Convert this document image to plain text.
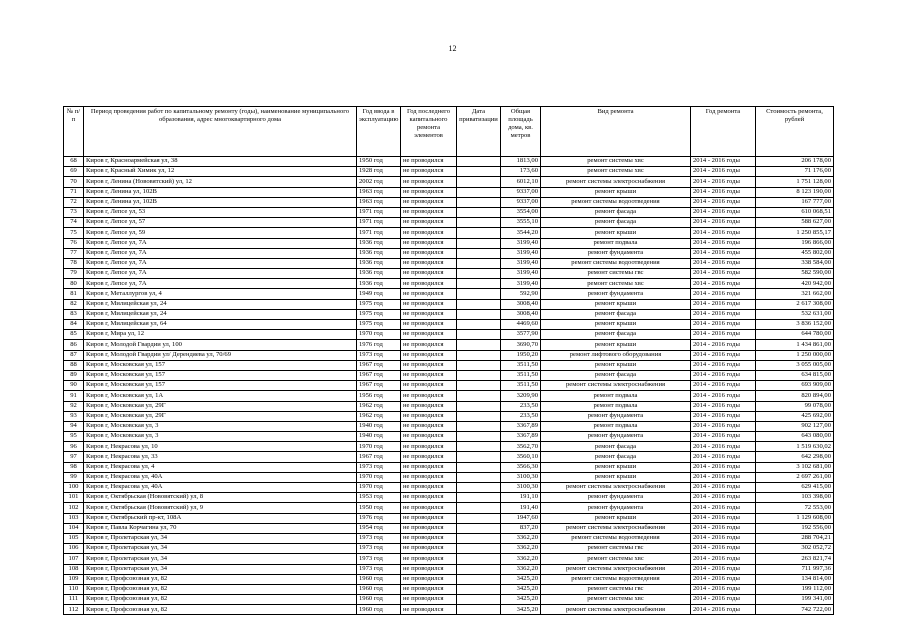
12
№ п/п	Период проведения работ по капитальному ремонту (годы), наименование муниципального образования, адрес многоквартирного дома	Год ввода в эксплуатацию	Год последнего капитального ремонта элементов	Дата приватизации	Общая площадь дома, кв. метров	Вид ремонта	Год ремонта	Стоимость ремонта, рублей
68	Киров г, Красноармейская ул, 38	1950 год	не проводился		1813,00	ремонт системы хвс	2014 - 2016 годы	206 178,00
69	Киров г, Красный Химик ул, 12	1928 год	не проводился		173,60	ремонт системы хвс	2014 - 2016 годы	71 176,00
70	Киров г, Ленина (Нововятский) ул, 12	2002 год	не проводился		6012,10	ремонт системы электроснабжения	2014 - 2016 годы	1 751 128,00
71	Киров г, Ленина ул, 102В	1963 год	не проводился		9337,00	ремонт крыши	2014 - 2016 годы	8 123 190,00
72	Киров г, Ленина ул, 102В	1963 год	не проводился		9337,00	ремонт системы водоотведения	2014 - 2016 годы	167 777,00
73	Киров г, Лепсе ул, 53	1971 год	не проводился		3554,00	ремонт фасада	2014 - 2016 годы	610 068,51
74	Киров г, Лепсе ул, 57	1971 год	не проводился		3555,10	ремонт фасада	2014 - 2016 годы	588 627,00
75	Киров г, Лепсе ул, 59	1971 год	не проводился		3544,20	ремонт крыши	2014 - 2016 годы	1 250 855,17
76	Киров г, Лепсе ул, 7А	1936 год	не проводился		3199,40	ремонт подвала	2014 - 2016 годы	196 866,00
77	Киров г, Лепсе ул, 7А	1936 год	не проводился		3199,40	ремонт фундамента	2014 - 2016 годы	455 802,00
78	Киров г, Лепсе ул, 7А	1936 год	не проводился		3199,40	ремонт системы водоотведения	2014 - 2016 годы	338 584,00
79	Киров г, Лепсе ул, 7А	1936 год	не проводился		3199,40	ремонт системы гвс	2014 - 2016 годы	582 590,00
80	Киров г, Лепсе ул, 7А	1936 год	не проводился		3199,40	ремонт системы хвс	2014 - 2016 годы	420 942,00
81	Киров г, Металлургов ул, 4	1949 год	не проводился		592,90	ремонт фундамента	2014 - 2016 годы	321 662,00
82	Киров г, Милицейская ул, 24	1975 год	не проводился		3008,40	ремонт крыши	2014 - 2016 годы	2 617 308,00
83	Киров г, Милицейская ул, 24	1975 год	не проводился		3008,40	ремонт фасада	2014 - 2016 годы	532 631,00
84	Киров г, Милицейская ул, 64	1975 год	не проводился		4469,60	ремонт крыши	2014 - 2016 годы	3 836 152,00
85	Киров г, Мира ул, 12	1970 год	не проводился		3577,90	ремонт фасада	2014 - 2016 годы	644 780,00
86	Киров г, Молодой Гвардии ул, 100	1976 год	не проводился		3690,70	ремонт крыши	2014 - 2016 годы	1 434 861,00
87	Киров г, Молодой Гвардии ул/ Дерендяева ул, 70/69	1973 год	не проводился		1950,20	ремонт лифтового оборудования	2014 - 2016 годы	1 250 000,00
88	Киров г, Московская ул, 157	1967 год	не проводился		3511,50	ремонт крыши	2014 - 2016 годы	3 055 005,00
89	Киров г, Московская ул, 157	1967 год	не проводился		3511,50	ремонт фасада	2014 - 2016 годы	634 815,00
90	Киров г, Московская ул, 157	1967 год	не проводился		3511,50	ремонт системы электроснабжения	2014 - 2016 годы	693 909,00
91	Киров г, Московская ул, 1А	1956 год	не проводился		3209,90	ремонт подвала	2014 - 2016 годы	820 894,00
92	Киров г, Московская ул, 29Г	1962 год	не проводился		233,50	ремонт подвала	2014 - 2016 годы	99 078,00
93	Киров г, Московская ул, 29Г	1962 год	не проводился		233,50	ремонт фундамента	2014 - 2016 годы	425 692,00
94	Киров г, Московская ул, 3	1940 год	не проводился		3367,89	ремонт подвала	2014 - 2016 годы	902 127,00
95	Киров г, Московская ул, 3	1940 год	не проводился		3367,89	ремонт фундамента	2014 - 2016 годы	643 080,00
96	Киров г, Некрасова ул, 10	1970 год	не проводился		3562,70	ремонт фасада	2014 - 2016 годы	1 519 630,02
97	Киров г, Некрасова ул, 33	1967 год	не проводился		3560,10	ремонт фасада	2014 - 2016 годы	642 298,00
98	Киров г, Некрасова ул, 4	1973 год	не проводился		3566,30	ремонт крыши	2014 - 2016 годы	3 102 681,00
99	Киров г, Некрасова ул, 40А	1970 год	не проводился		3100,30	ремонт крыши	2014 - 2016 годы	2 697 261,00
100	Киров г, Некрасова ул, 40А	1970 год	не проводился		3100,30	ремонт системы электроснабжения	2014 - 2016 годы	629 415,00
101	Киров г, Октябрьская (Нововятский) ул, 8	1953 год	не проводился		191,10	ремонт фундамента	2014 - 2016 годы	103 398,00
102	Киров г, Октябрьская (Нововятский) ул, 9	1950 год	не проводился		191,40	ремонт фундамента	2014 - 2016 годы	72 553,00
103	Киров г, Октябрьский пр-кт, 108А	1976 год	не проводился		1947,60	ремонт крыши	2014 - 2016 годы	1 129 608,00
104	Киров г, Павла Корчагина ул, 70	1954 год	не проводился		837,20	ремонт системы электроснабжения	2014 - 2016 годы	192 556,00
105	Киров г, Пролетарская ул, 34	1973 год	не проводился		3362,20	ремонт системы водоотведения	2014 - 2016 годы	288 704,21
106	Киров г, Пролетарская ул, 34	1973 год	не проводился		3362,20	ремонт системы гвс	2014 - 2016 годы	302 052,72
107	Киров г, Пролетарская ул, 34	1973 год	не проводился		3362,20	ремонт системы хвс	2014 - 2016 годы	263 821,74
108	Киров г, Пролетарская ул, 34	1973 год	не проводился		3362,20	ремонт системы электроснабжения	2014 - 2016 годы	711 997,36
109	Киров г, Профсоюзная ул, 82	1960 год	не проводился		3425,20	ремонт системы водоотведения	2014 - 2016 годы	134 814,00
110	Киров г, Профсоюзная ул, 82	1960 год	не проводился		3425,20	ремонт системы гвс	2014 - 2016 годы	199 112,00
111	Киров г, Профсоюзная ул, 82	1960 год	не проводился		3425,20	ремонт системы хвс	2014 - 2016 годы	199 341,00
112	Киров г, Профсоюзная ул, 82	1960 год	не проводился		3425,20	ремонт системы электроснабжения	2014 - 2016 годы	742 722,00
